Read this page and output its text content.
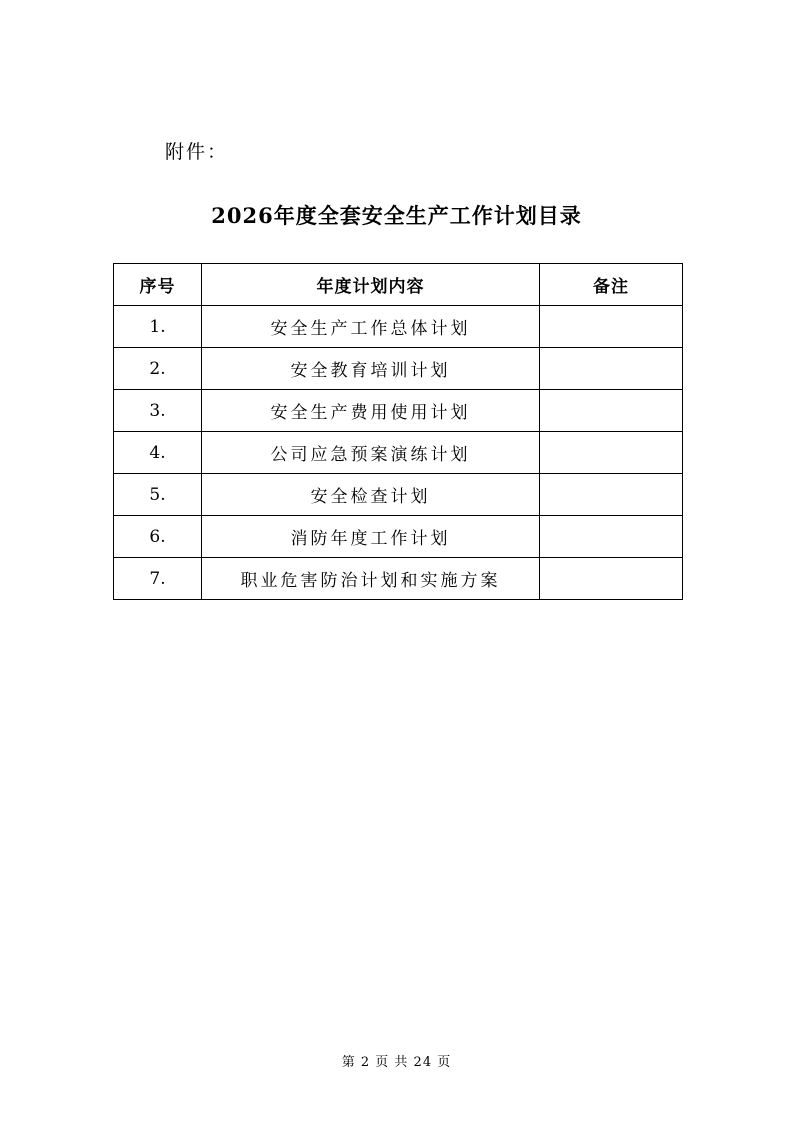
附件：
2026年度全套安全生产工作计划目录
序号	年度计划内容	备注
1.	安全生产工作总体计划	
2.	安全教育培训计划	
3.	安全生产费用使用计划	
4.	公司应急预案演练计划	
5.	安全检查计划	
6.	消防年度工作计划	
7.	职业危害防治计划和实施方案	
第 2 页 共 24 页
